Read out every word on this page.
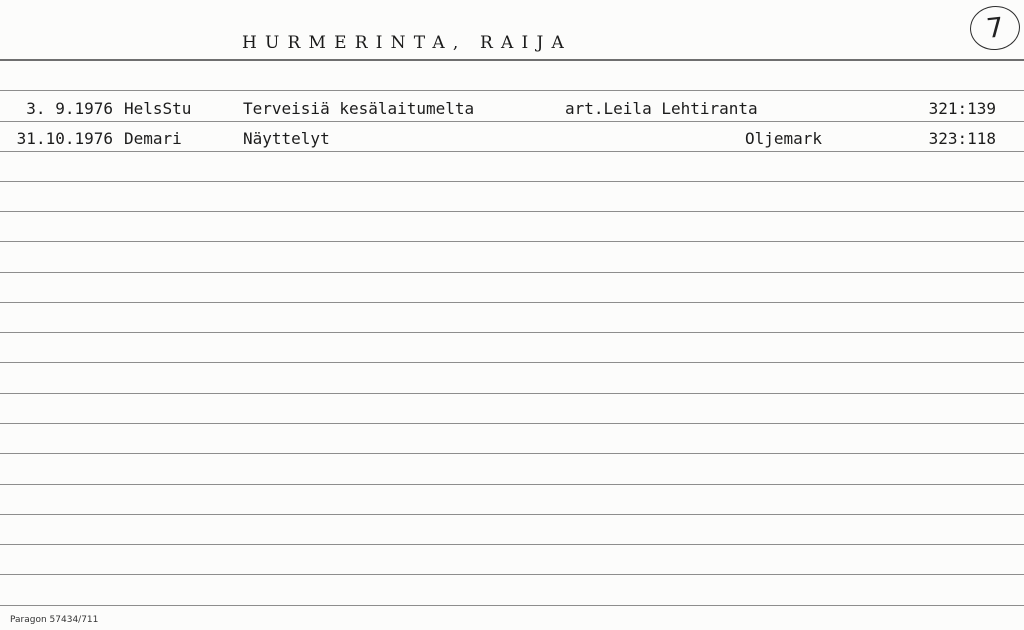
HURMERINTA, RAIJA	7
3. 9.1976 HelsStu	Terveisiä kesälaitumelta	art.Leila Lehtiranta	321:139
31.10.1976 Demari	Näyttelyt	Oljemark	323:118
Paragon 57434/711
